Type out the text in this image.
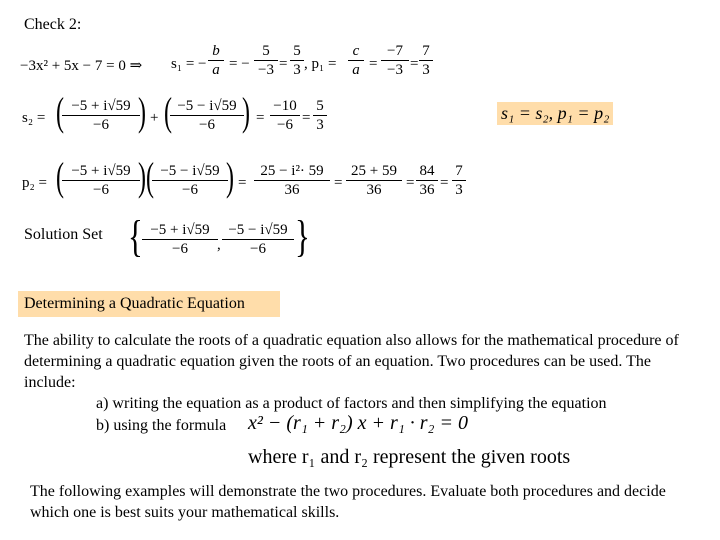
Check 2:
−3x² + 5x − 7 = 0 ⇒ s₁ = − $\frac{b}{a}$ = − $\frac{5}{-3} = \frac{5}{3}$ , $p_1 = \frac{c}{a} = \frac{-7}{-3} = \frac{7}{3}$
s₂ = (
$\frac{-5 + i√59}{-6}$
) + (
$\frac{-5 - i√59}{-6}$
) = $\frac{-10}{-6} = \frac{5}{3}$	s₁ = s₂, p₁ = p₂
p₂ = (
$\frac{-5 + i√59}{-6}$
) (
$\frac{-5 - i√59}{-6}$
) = $\frac{\text{25 − i²· 59}}{36} = \frac{25 + 59}{36} = \frac{84}{36} = \frac{7}{3}$
Solution Set { $\frac{-5 + i√59}{-6}$ , $\frac{-5 - i√59}{-6}$ }
Determining a Quadratic Equation
The ability to calculate the roots of a quadratic equation also allows for the mathematical procedure of determining a quadratic equation given the roots of an equation. Two procedures can be used. The include:
a) writing the equation as a product of factors and then simplifying the equation
b) using the formula x² − (r₁ + r₂) x + r₁ · r₂ = 0
where r₁ and r₂ represent the given roots
The following examples will demonstrate the two procedures. Evaluate both procedures and decide which one is best suits your mathematical skills.
